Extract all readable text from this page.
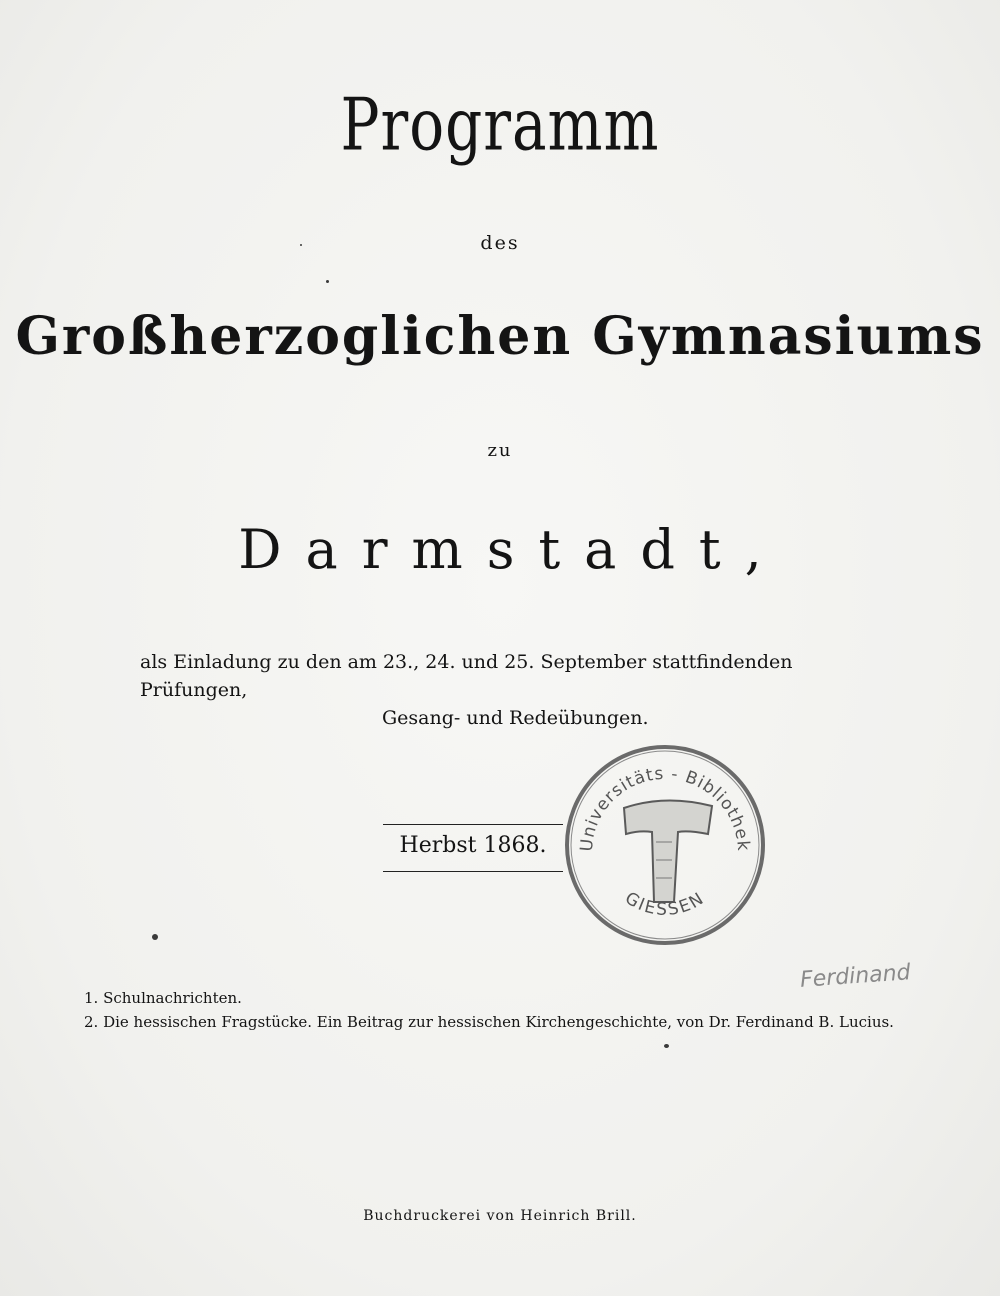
Programm
des
Großherzoglichen Gymnasiums
zu
Darmstadt,
als Einladung zu den am 23., 24. und 25. September stattfindenden Prüfungen,
Gesang- und Redeübungen.
Herbst 1868.	Universitäts - Bibliothek
GIESSEN
1. Schulnachrichten.
2. Die hessischen Fragstücke. Ein Beitrag zur hessischen Kirchengeschichte, von Dr. Ferdinand B. Lucius.
Ferdinand
Buchdruckerei von Heinrich Brill.
